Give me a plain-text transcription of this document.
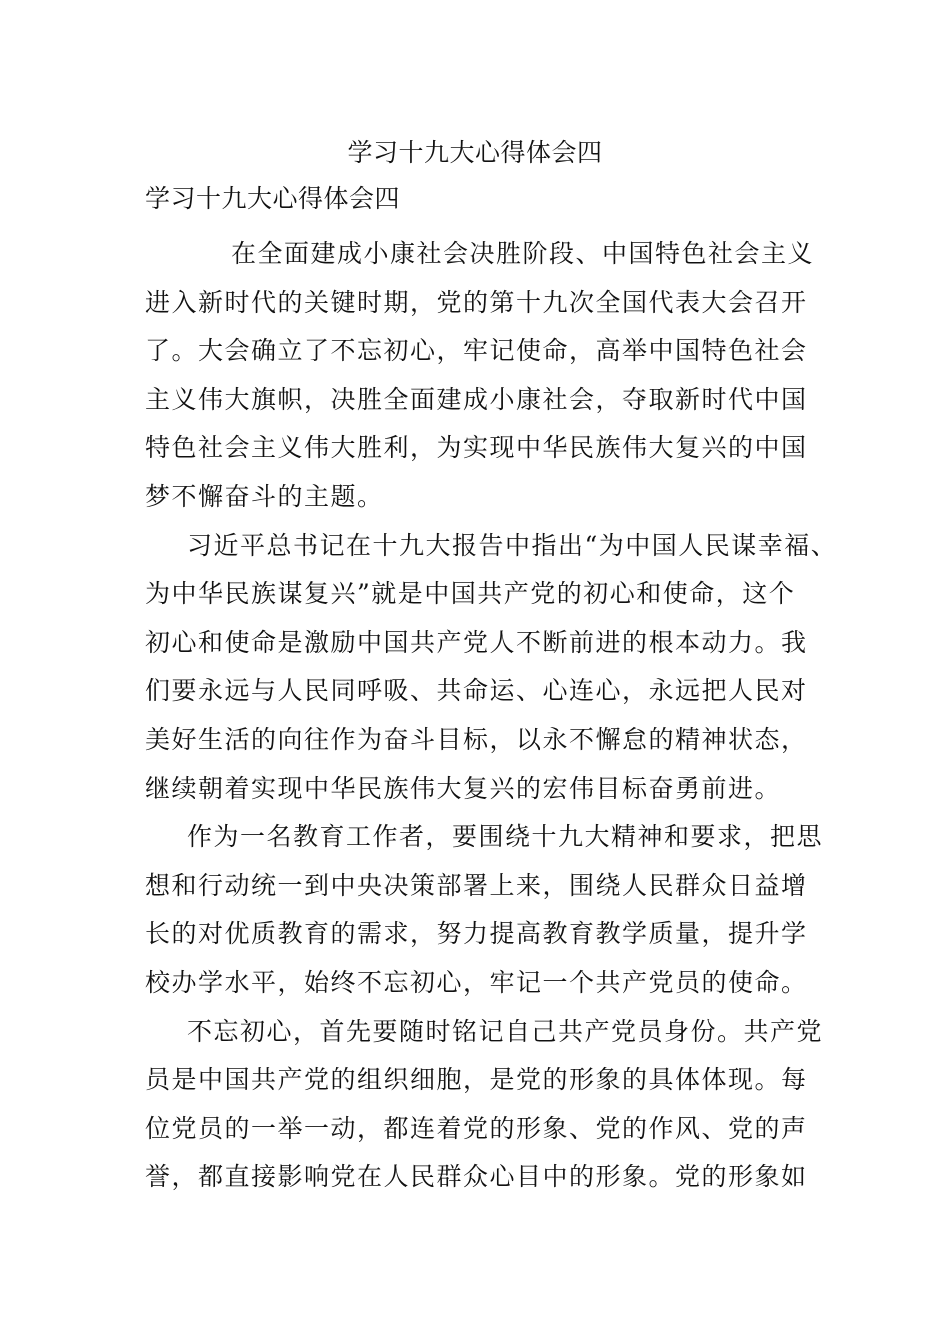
学习十九大心得体会四
学习十九大心得体会四

在全面建成小康社会决胜阶段、中国特色社会主义
进入新时代的关键时期，党的第十九次全国代表大会召开
了。大会确立了不忘初心，牢记使命，高举中国特色社会
主义伟大旗帜，决胜全面建成小康社会，夺取新时代中国
特色社会主义伟大胜利，为实现中华民族伟大复兴的中国
梦不懈奋斗的主题。

习近平总书记在十九大报告中指出“为中国人民谋幸福、
为中华民族谋复兴”就是中国共产党的初心和使命，这个
初心和使命是激励中国共产党人不断前进的根本动力。我
们要永远与人民同呼吸、共命运、心连心，永远把人民对
美好生活的向往作为奋斗目标，以永不懈怠的精神状态，
继续朝着实现中华民族伟大复兴的宏伟目标奋勇前进。

作为一名教育工作者，要围绕十九大精神和要求，把思
想和行动统一到中央决策部署上来，围绕人民群众日益增
长的对优质教育的需求，努力提高教育教学质量，提升学
校办学水平，始终不忘初心，牢记一个共产党员的使命。

不忘初心，首先要随时铭记自己共产党员身份。共产党
员是中国共产党的组织细胞，是党的形象的具体体现。每
位党员的一举一动，都连着党的形象、党的作风、党的声
誉，都直接影响党在人民群众心目中的形象。党的形象如
